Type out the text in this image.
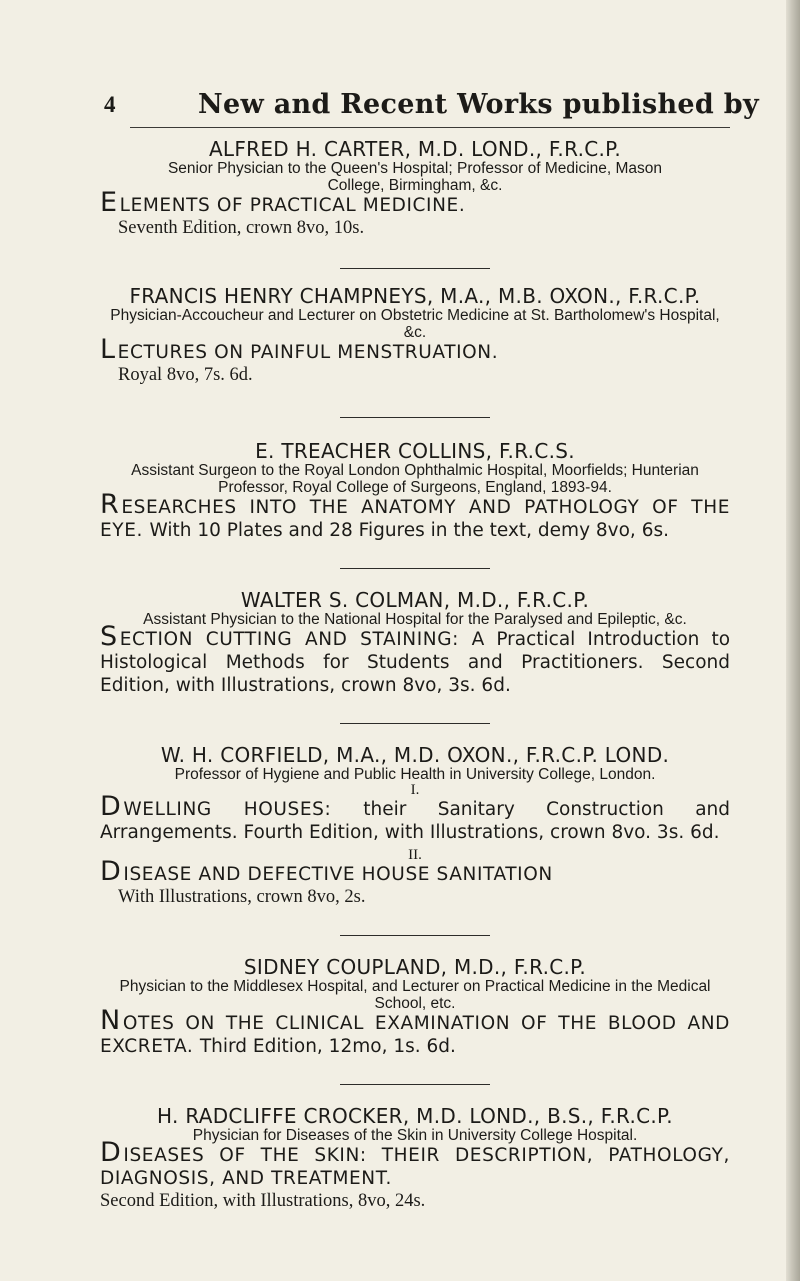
4	New and Recent Works published by
ALFRED H. CARTER, M.D. LOND., F.R.C.P.
Senior Physician to the Queen's Hospital; Professor of Medicine, Mason College, Birmingham, &c.
E LEMENTS OF PRACTICAL MEDICINE.
Seventh Edition, crown 8vo, 10s.
FRANCIS HENRY CHAMPNEYS, M.A., M.B. OXON., F.R.C.P.
Physician-Accoucheur and Lecturer on Obstetric Medicine at St. Bartholomew's Hospital, &c.
L ECTURES ON PAINFUL MENSTRUATION.
Royal 8vo, 7s. 6d.
E. TREACHER COLLINS, F.R.C.S.
Assistant Surgeon to the Royal London Ophthalmic Hospital, Moorfields; Hunterian Professor, Royal College of Surgeons, England, 1893-94.
R ESEARCHES INTO THE ANATOMY AND PATHOLOGY OF THE EYE. With 10 Plates and 28 Figures in the text, demy 8vo, 6s.
WALTER S. COLMAN, M.D., F.R.C.P.
Assistant Physician to the National Hospital for the Paralysed and Epileptic, &c.
S ECTION CUTTING AND STAINING: A Practical Introduction to Histological Methods for Students and Practitioners. Second Edition, with Illustrations, crown 8vo, 3s. 6d.
W. H. CORFIELD, M.A., M.D. OXON., F.R.C.P. LOND.
Professor of Hygiene and Public Health in University College, London.
I.
D WELLING HOUSES: their Sanitary Construction and Arrangements. Fourth Edition, with Illustrations, crown 8vo. 3s. 6d.
II.
D ISEASE AND DEFECTIVE HOUSE SANITATION
With Illustrations, crown 8vo, 2s.
SIDNEY COUPLAND, M.D., F.R.C.P.
Physician to the Middlesex Hospital, and Lecturer on Practical Medicine in the Medical School, etc.
N OTES ON THE CLINICAL EXAMINATION OF THE BLOOD AND EXCRETA. Third Edition, 12mo, 1s. 6d.
H. RADCLIFFE CROCKER, M.D. LOND., B.S., F.R.C.P.
Physician for Diseases of the Skin in University College Hospital.
D ISEASES OF THE SKIN: THEIR DESCRIPTION, PATHOLOGY, DIAGNOSIS, AND TREATMENT.
Second Edition, with Illustrations, 8vo, 24s.
